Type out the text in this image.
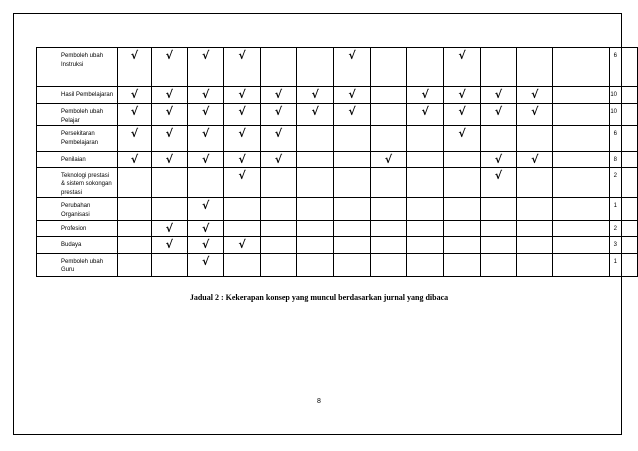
Pemboleh ubah Instruksi	√	√	√	√			√			√				6
Hasil Pembelajaran	√	√	√	√	√	√	√		√	√	√	√		10
Pemboleh ubah Pelajar	√	√	√	√	√	√	√		√	√	√	√		10
Persekitaran Pembelajaran	√	√	√	√	√					√				6
Penilaian	√	√	√	√	√			√			√	√		8
Teknologi prestasi & sistem sokongan prestasi				√							√			2
Perubahan Organisasi			√											1
Profesion		√	√											2
Budaya		√	√	√										3
Pemboleh ubah Guru			√											1
Jadual 2 : Kekerapan konsep yang muncul berdasarkan jurnal yang dibaca
8
